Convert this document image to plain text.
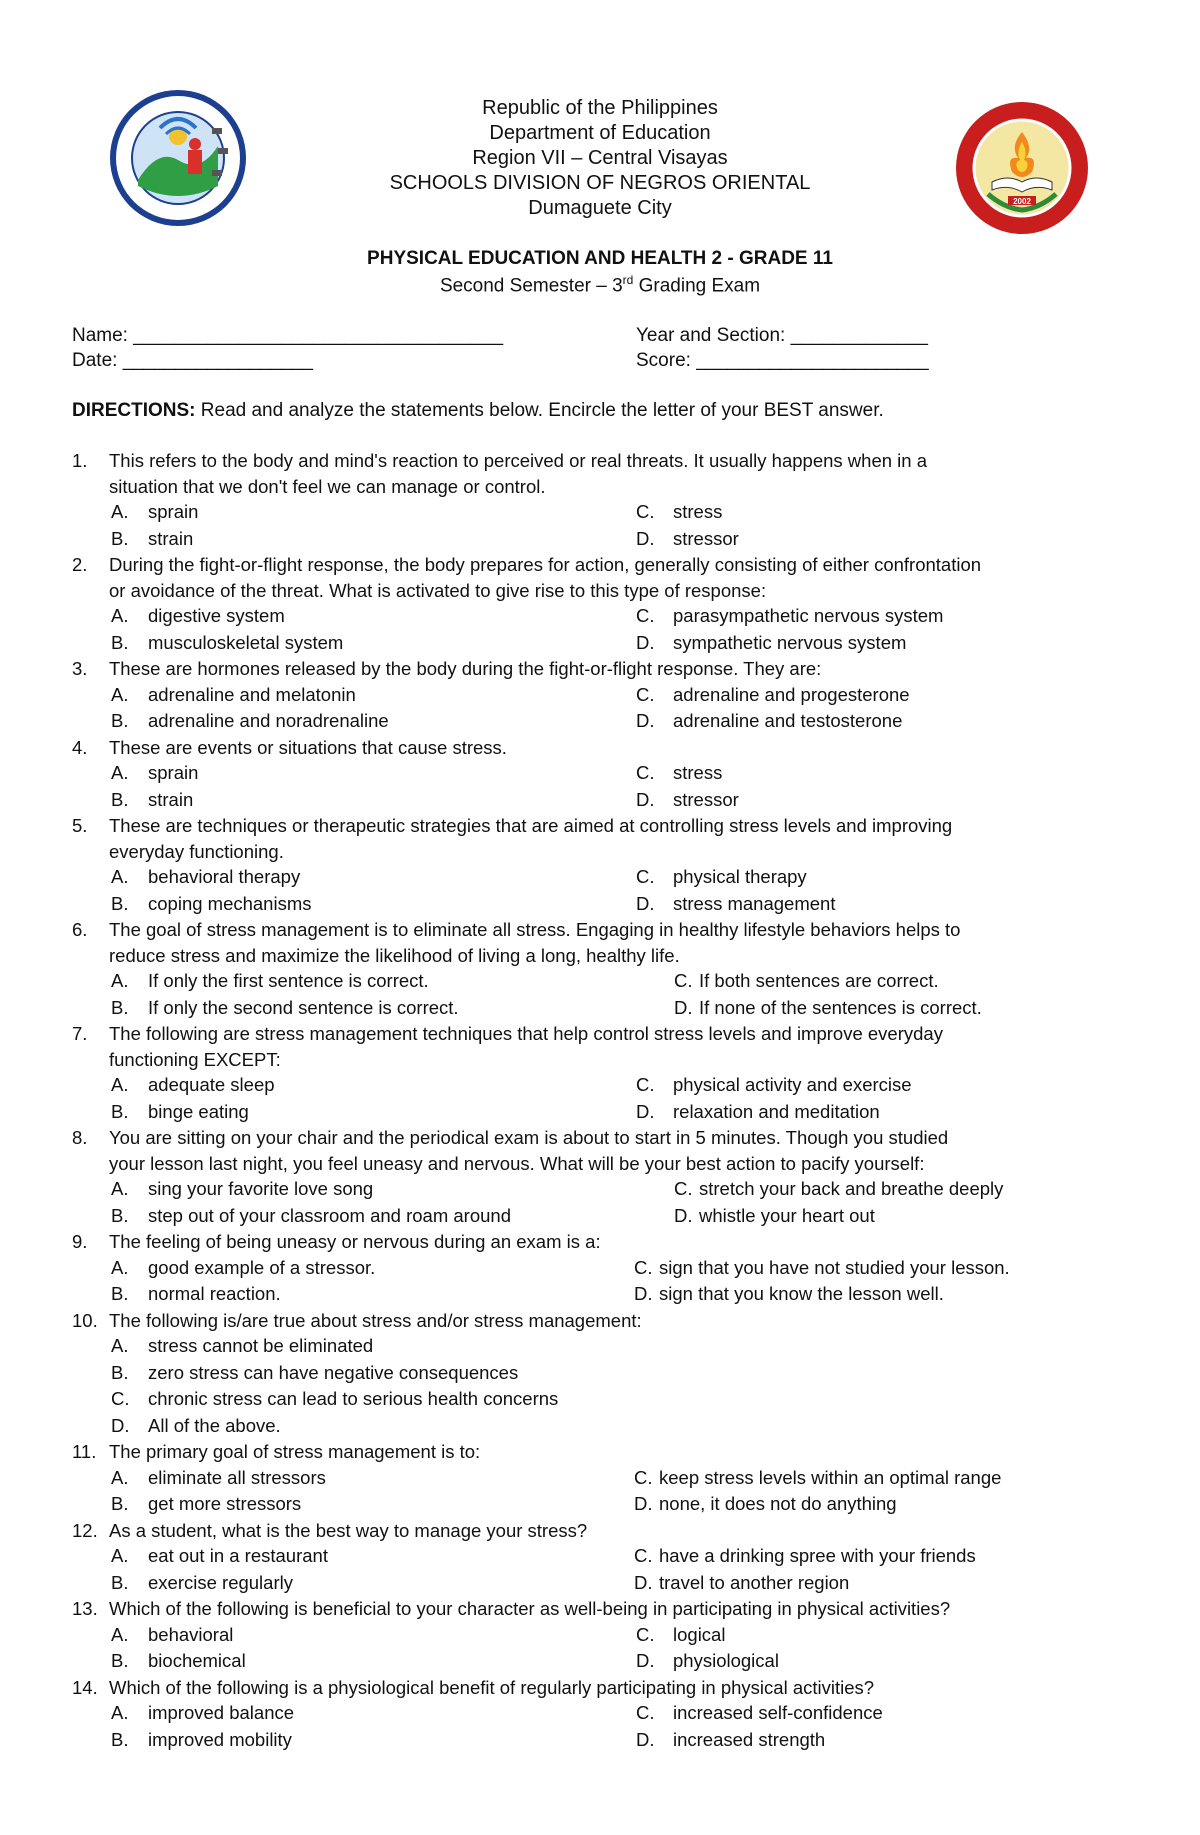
2002
Republic of the Philippines
Department of Education
Region VII – Central Visayas
SCHOOLS DIVISION OF NEGROS ORIENTAL
Dumaguete City
PHYSICAL EDUCATION AND HEALTH 2 - GRADE 11
Second Semester – 3rd Grading Exam
Name: ___________________________________	Year and Section: _____________
Date: __________________	Score: ______________________
DIRECTIONS: Read and analyze the statements below. Encircle the letter of your BEST answer.
1. This refers to the body and mind's reaction to perceived or real threats. It usually happens when in a
situation that we don't feel we can manage or control.
A. sprain	C. stress
B. strain	D. stressor
2. During the fight-or-flight response, the body prepares for action, generally consisting of either confrontation
or avoidance of the threat. What is activated to give rise to this type of response:
A. digestive system	C. parasympathetic nervous system
B. musculoskeletal system	D. sympathetic nervous system
3. These are hormones released by the body during the fight-or-flight response. They are:
A. adrenaline and melatonin	C. adrenaline and progesterone
B. adrenaline and noradrenaline	D. adrenaline and testosterone
4. These are events or situations that cause stress.
A. sprain	C. stress
B. strain	D. stressor
5. These are techniques or therapeutic strategies that are aimed at controlling stress levels and improving
everyday functioning.
A. behavioral therapy	C. physical therapy
B. coping mechanisms	D. stress management
6. The goal of stress management is to eliminate all stress. Engaging in healthy lifestyle behaviors helps to
reduce stress and maximize the likelihood of living a long, healthy life.
A. If only the first sentence is correct.	C. If both sentences are correct.
B. If only the second sentence is correct.	D. If none of the sentences is correct.
7. The following are stress management techniques that help control stress levels and improve everyday
functioning EXCEPT:
A. adequate sleep	C. physical activity and exercise
B. binge eating	D. relaxation and meditation
8. You are sitting on your chair and the periodical exam is about to start in 5 minutes. Though you studied
your lesson last night, you feel uneasy and nervous. What will be your best action to pacify yourself:
A. sing your favorite love song	C. stretch your back and breathe deeply
B. step out of your classroom and roam around	D. whistle your heart out
9. The feeling of being uneasy or nervous during an exam is a:
A. good example of a stressor.	C. sign that you have not studied your lesson.
B. normal reaction.	D. sign that you know the lesson well.
10. The following is/are true about stress and/or stress management:
A. stress cannot be eliminated
B. zero stress can have negative consequences
C. chronic stress can lead to serious health concerns
D. All of the above.
11. The primary goal of stress management is to:
A. eliminate all stressors	C. keep stress levels within an optimal range
B. get more stressors	D. none, it does not do anything
12. As a student, what is the best way to manage your stress?
A. eat out in a restaurant	C. have a drinking spree with your friends
B. exercise regularly	D. travel to another region
13. Which of the following is beneficial to your character as well-being in participating in physical activities?
A. behavioral	C. logical
B. biochemical	D. physiological
14. Which of the following is a physiological benefit of regularly participating in physical activities?
A. improved balance	C. increased self-confidence
B. improved mobility	D. increased strength
